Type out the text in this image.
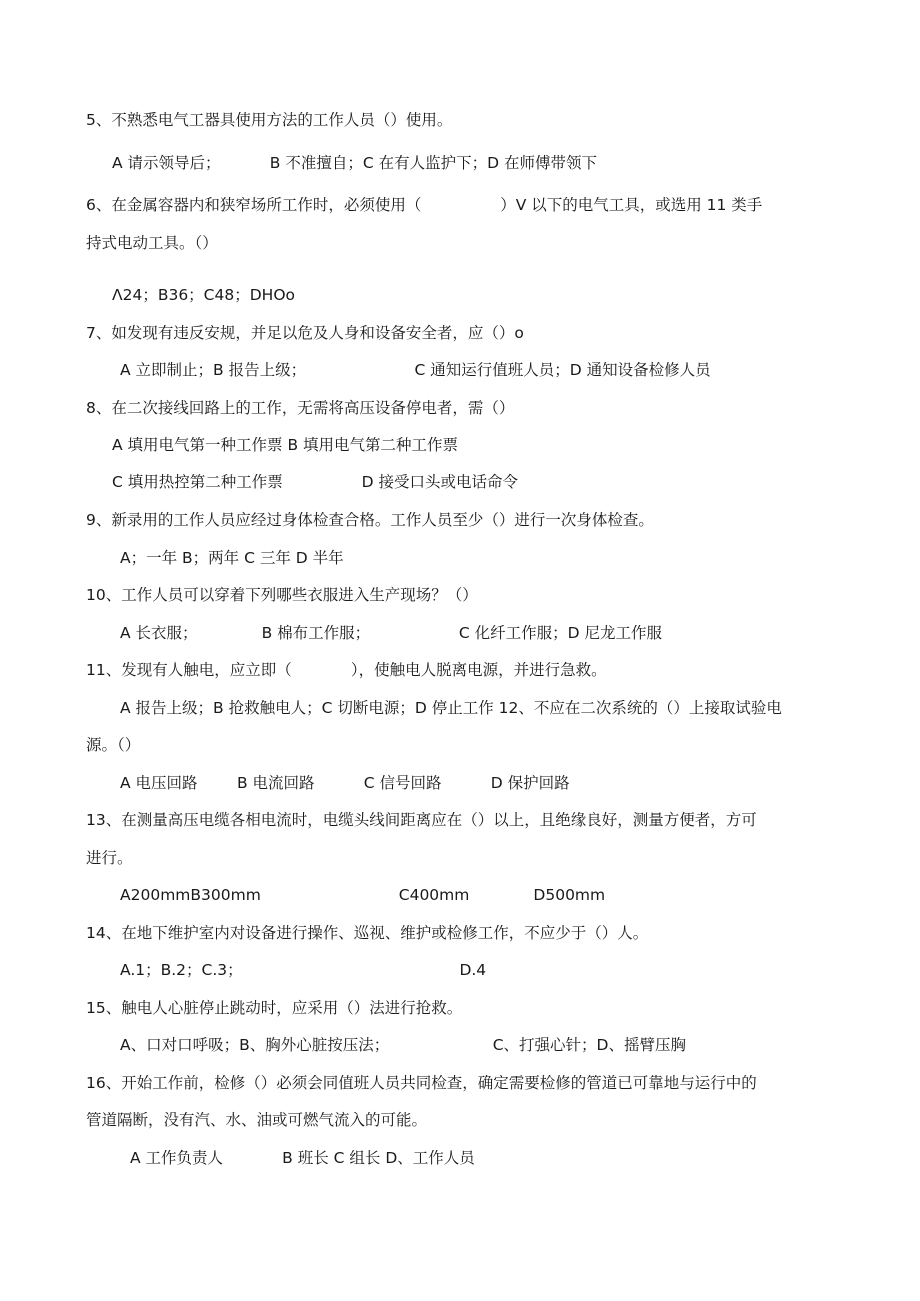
5、不熟悉电气工器具使用方法的工作人员（）使用。
A 请示领导后；          B 不准擅自；C 在有人监护下；D 在师傅带领下
6、在金属容器内和狭窄场所工作时，必须使用（                ）V 以下的电气工具，或选用 11 类手
持式电动工具。（）
Λ24；B36；C48；DHOo
7、如发现有违反安规，并足以危及人身和设备安全者，应（）o
A 立即制止；B 报告上级；                      C 通知运行值班人员；D 通知设备检修人员
8、在二次接线回路上的工作，无需将高压设备停电者，需（）
A 填用电气第一种工作票 B 填用电气第二种工作票
C 填用热控第二种工作票                D 接受口头或电话命令
9、新录用的工作人员应经过身体检查合格。工作人员至少（）进行一次身体检查。
A；一年 B；两年 C 三年 D 半年
10、工作人员可以穿着下列哪些衣服进入生产现场？（）
A 长衣服；             B 棉布工作服；                  C 化纤工作服；D 尼龙工作服
11、发现有人触电，应立即（            ），使触电人脱离电源，并进行急救。
A 报告上级；B 抢救触电人；C 切断电源；D 停止工作 12、不应在二次系统的（）上接取试验电
源。（）
A 电压回路        B 电流回路          C 信号回路          D 保护回路
13、在测量高压电缆各相电流时，电缆头线间距离应在（）以上，且绝缘良好，测量方便者，方可
进行。
A200mmB300mm                            C400mm             D500mm
14、在地下维护室内对设备进行操作、巡视、维护或检修工作，不应少于（）人。
A.1；B.2；C.3；                                            D.4
15、触电人心脏停止跳动时，应采用（）法进行抢救。
A、口对口呼吸；B、胸外心脏按压法；                     C、打强心针；D、摇臂压胸
16、开始工作前，检修（）必须会同值班人员共同检查，确定需要检修的管道已可靠地与运行中的
管道隔断，没有汽、水、油或可燃气流入的可能。
A 工作负责人            B 班长 C 组长 D、工作人员
